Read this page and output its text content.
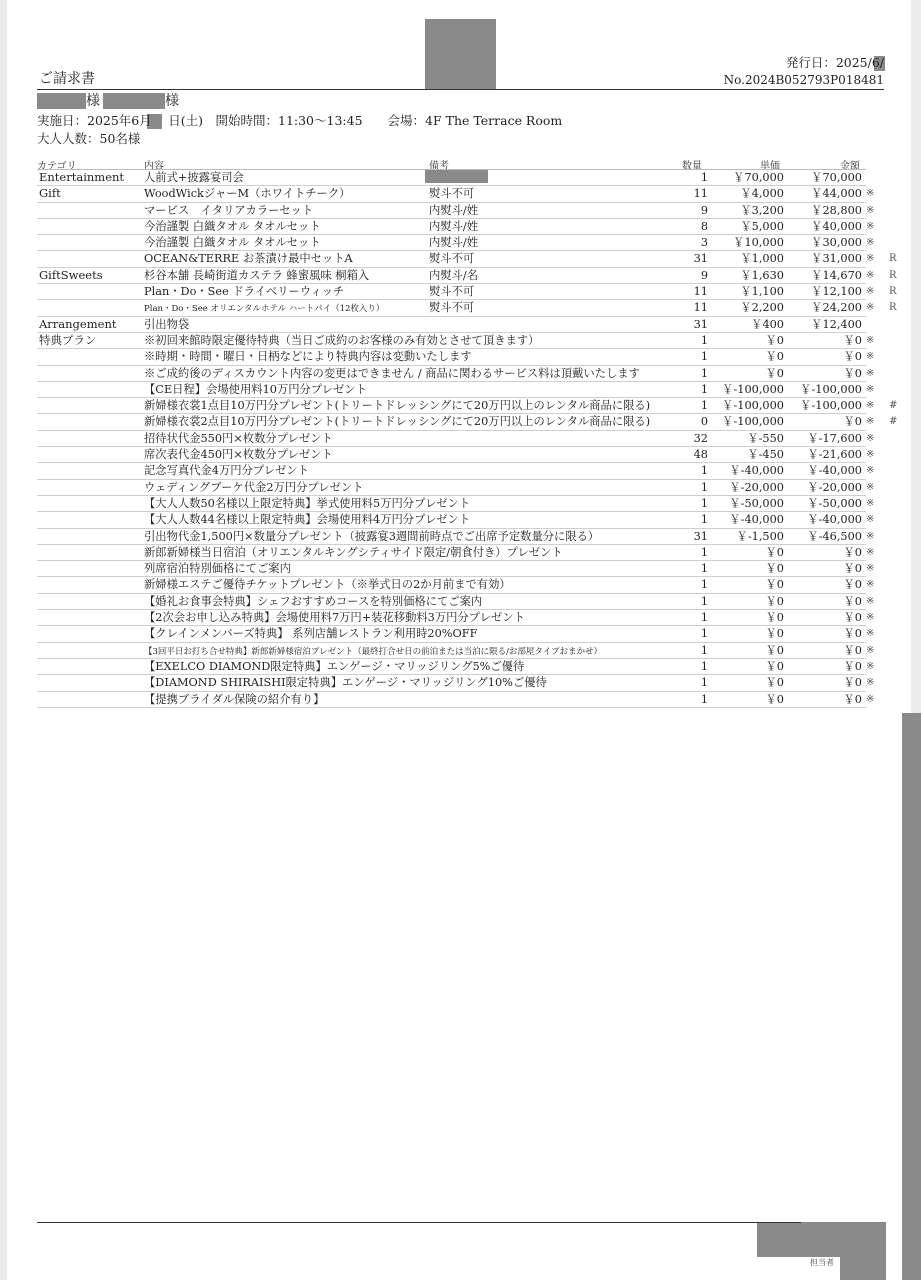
ご請求書
発行日：2025/6/
No.2024B052793P018481
様	様
実施日：2025年6月　 日(土)　開始時間：11:30～13:45　　会場：4F The Terrace Room
大人人数：50名様
カテゴリ	内容	備考	数量	単価	金額
Entertainment 人前式+披露宴司会	1 ￥70,000 ￥70,000
Gift	WoodWickジャーM（ホワイトチーク）	熨斗不可	11	￥4,000 ￥44,000 ※
マービス　イタリアカラーセット	内熨斗/姓	9	￥3,200 ￥28,800 ※
今治謹製 白織タオル タオルセット	内熨斗/姓	8	￥5,000 ￥40,000 ※
今治謹製 白織タオル タオルセット	内熨斗/姓	3 ￥10,000 ￥30,000 ※
OCEAN&TERRE お茶漬け最中セットA	熨斗不可	31	￥1,000 ￥31,000 ※ R
GiftSweets	杉谷本舗 長崎街道カステラ 蜂蜜風味 桐箱入	内熨斗/名	9	￥1,630 ￥14,670 ※ R
Plan・Do・See ドライベリーウィッチ	熨斗不可	11	￥1,100 ￥12,100 ※ R
Plan・Do・See オリエンタルホテル ハートパイ（12枚入り）	熨斗不可	11	￥2,200 ￥24,200 ※ R
Arrangement 引出物袋	31	￥400 ￥12,400
特典プラン	※初回来館時限定優待特典（当日ご成約のお客様のみ有効とさせて頂きます）	1	￥0	￥0 ※
※時期・時間・曜日・日柄などにより特典内容は変動いたします	1	￥0	￥0 ※
※ご成約後のディスカウント内容の変更はできません / 商品に関わるサービス料は頂戴いたします	1	￥0	￥0 ※
【CE日程】会場使用料10万円分プレゼント	1 ￥-100,000 ￥-100,000 ※
新婦様衣裳1点目10万円分プレゼント(トリートドレッシングにて20万円以上のレンタル商品に限る)	1 ￥-100,000 ￥-100,000 ※ #
新婦様衣裳2点目10万円分プレゼント(トリートドレッシングにて20万円以上のレンタル商品に限る)	0 ￥-100,000	￥0 ※ #
招待状代金550円×枚数分プレゼント	32	￥-550 ￥-17,600 ※
席次表代金450円×枚数分プレゼント	48	￥-450 ￥-21,600 ※
記念写真代金4万円分プレゼント	1 ￥-40,000 ￥-40,000 ※
ウェディングブーケ代金2万円分プレゼント	1 ￥-20,000 ￥-20,000 ※
【大人人数50名様以上限定特典】挙式使用料5万円分プレゼント	1 ￥-50,000 ￥-50,000 ※
【大人人数44名様以上限定特典】会場使用料4万円分プレゼント	1 ￥-40,000 ￥-40,000 ※
引出物代金1,500円×数量分プレゼント（披露宴3週間前時点でご出席予定数量分に限る）	31	￥-1,500 ￥-46,500 ※
新郎新婦様当日宿泊（オリエンタルキングシティサイド限定/朝食付き）プレゼント	1	￥0	￥0 ※
列席宿泊特別価格にてご案内	1	￥0	￥0 ※
新婦様エステご優待チケットプレゼント（※挙式日の2か月前まで有効）	1	￥0	￥0 ※
【婚礼お食事会特典】シェフおすすめコースを特別価格にてご案内	1	￥0	￥0 ※
【2次会お申し込み特典】会場使用料7万円+装花移動料3万円分プレゼント	1	￥0	￥0 ※
【クレインメンバーズ特典】 系列店舗レストラン利用時20%OFF	1	￥0	￥0 ※
【3回平日お打ち合せ特典】新郎新婦様宿泊プレゼント（最終打合せ日の前泊または当泊に限る/お部屋タイプおまかせ）	1	￥0	￥0 ※
【EXELCO DIAMOND限定特典】エンゲージ・マリッジリング5%ご優待	1	￥0	￥0 ※
【DIAMOND SHIRAISHI限定特典】エンゲージ・マリッジリング10%ご優待	1	￥0	￥0 ※
【提携ブライダル保険の紹介有り】	1	￥0	￥0 ※
担当者
